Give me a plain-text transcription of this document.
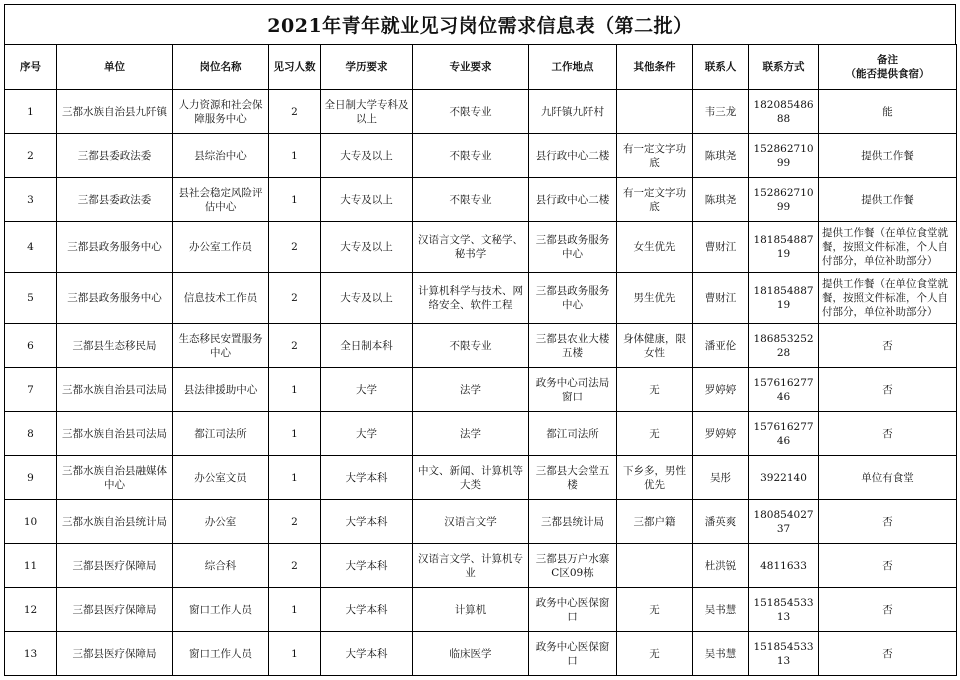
2021年青年就业见习岗位需求信息表（第二批）
序号	单位	岗位名称	见习人数	学历要求	专业要求	工作地点	其他条件	联系人	联系方式	备注
（能否提供食宿）
1	三都水族自治县九阡镇	人力资源和社会保障服务中心	2	全日制大学专科及以上	不限专业	九阡镇九阡村		韦三龙	18208548688	能
2	三都县委政法委	县综治中心	1	大专及以上	不限专业	县行政中心二楼	有一定文字功底	陈琪尧	15286271099	提供工作餐
3	三都县委政法委	县社会稳定风险评估中心	1	大专及以上	不限专业	县行政中心二楼	有一定文字功底	陈琪尧	15286271099	提供工作餐
4	三都县政务服务中心	办公室工作员	2	大专及以上	汉语言文学、文秘学、秘书学	三都县政务服务中心	女生优先	曹财江	18185488719	提供工作餐（在单位食堂就餐，按照文件标准，个人自付部分，单位补助部分）
5	三都县政务服务中心	信息技术工作员	2	大专及以上	计算机科学与技术、网络安全、软件工程	三都县政务服务中心	男生优先	曹财江	18185488719	提供工作餐（在单位食堂就餐，按照文件标准，个人自付部分，单位补助部分）
6	三都县生态移民局	生态移民安置服务中心	2	全日制本科	不限专业	三都县农业大楼五楼	身体健康，限女性	潘亚伦	18685325228	否
7	三都水族自治县司法局	县法律援助中心	1	大学	法学	政务中心司法局窗口	无	罗婷婷	15761627746	否
8	三都水族自治县司法局	都江司法所	1	大学	法学	都江司法所	无	罗婷婷	15761627746	否
9	三都水族自治县融媒体中心	办公室文员	1	大学本科	中文、新闻、计算机等大类	三都县大会堂五楼	下乡多，男性优先	吴彤	3922140	单位有食堂
10	三都水族自治县统计局	办公室	2	大学本科	汉语言文学	三都县统计局	三都户籍	潘英爽	18085402737	否
11	三都县医疗保障局	综合科	2	大学本科	汉语言文学、计算机专业	三都县万户水寨C区09栋		杜洪锐	4811633	否
12	三都县医疗保障局	窗口工作人员	1	大学本科	计算机	政务中心医保窗口	无	吴书慧	15185453313	否
13	三都县医疗保障局	窗口工作人员	1	大学本科	临床医学	政务中心医保窗口	无	吴书慧	15185453313	否
